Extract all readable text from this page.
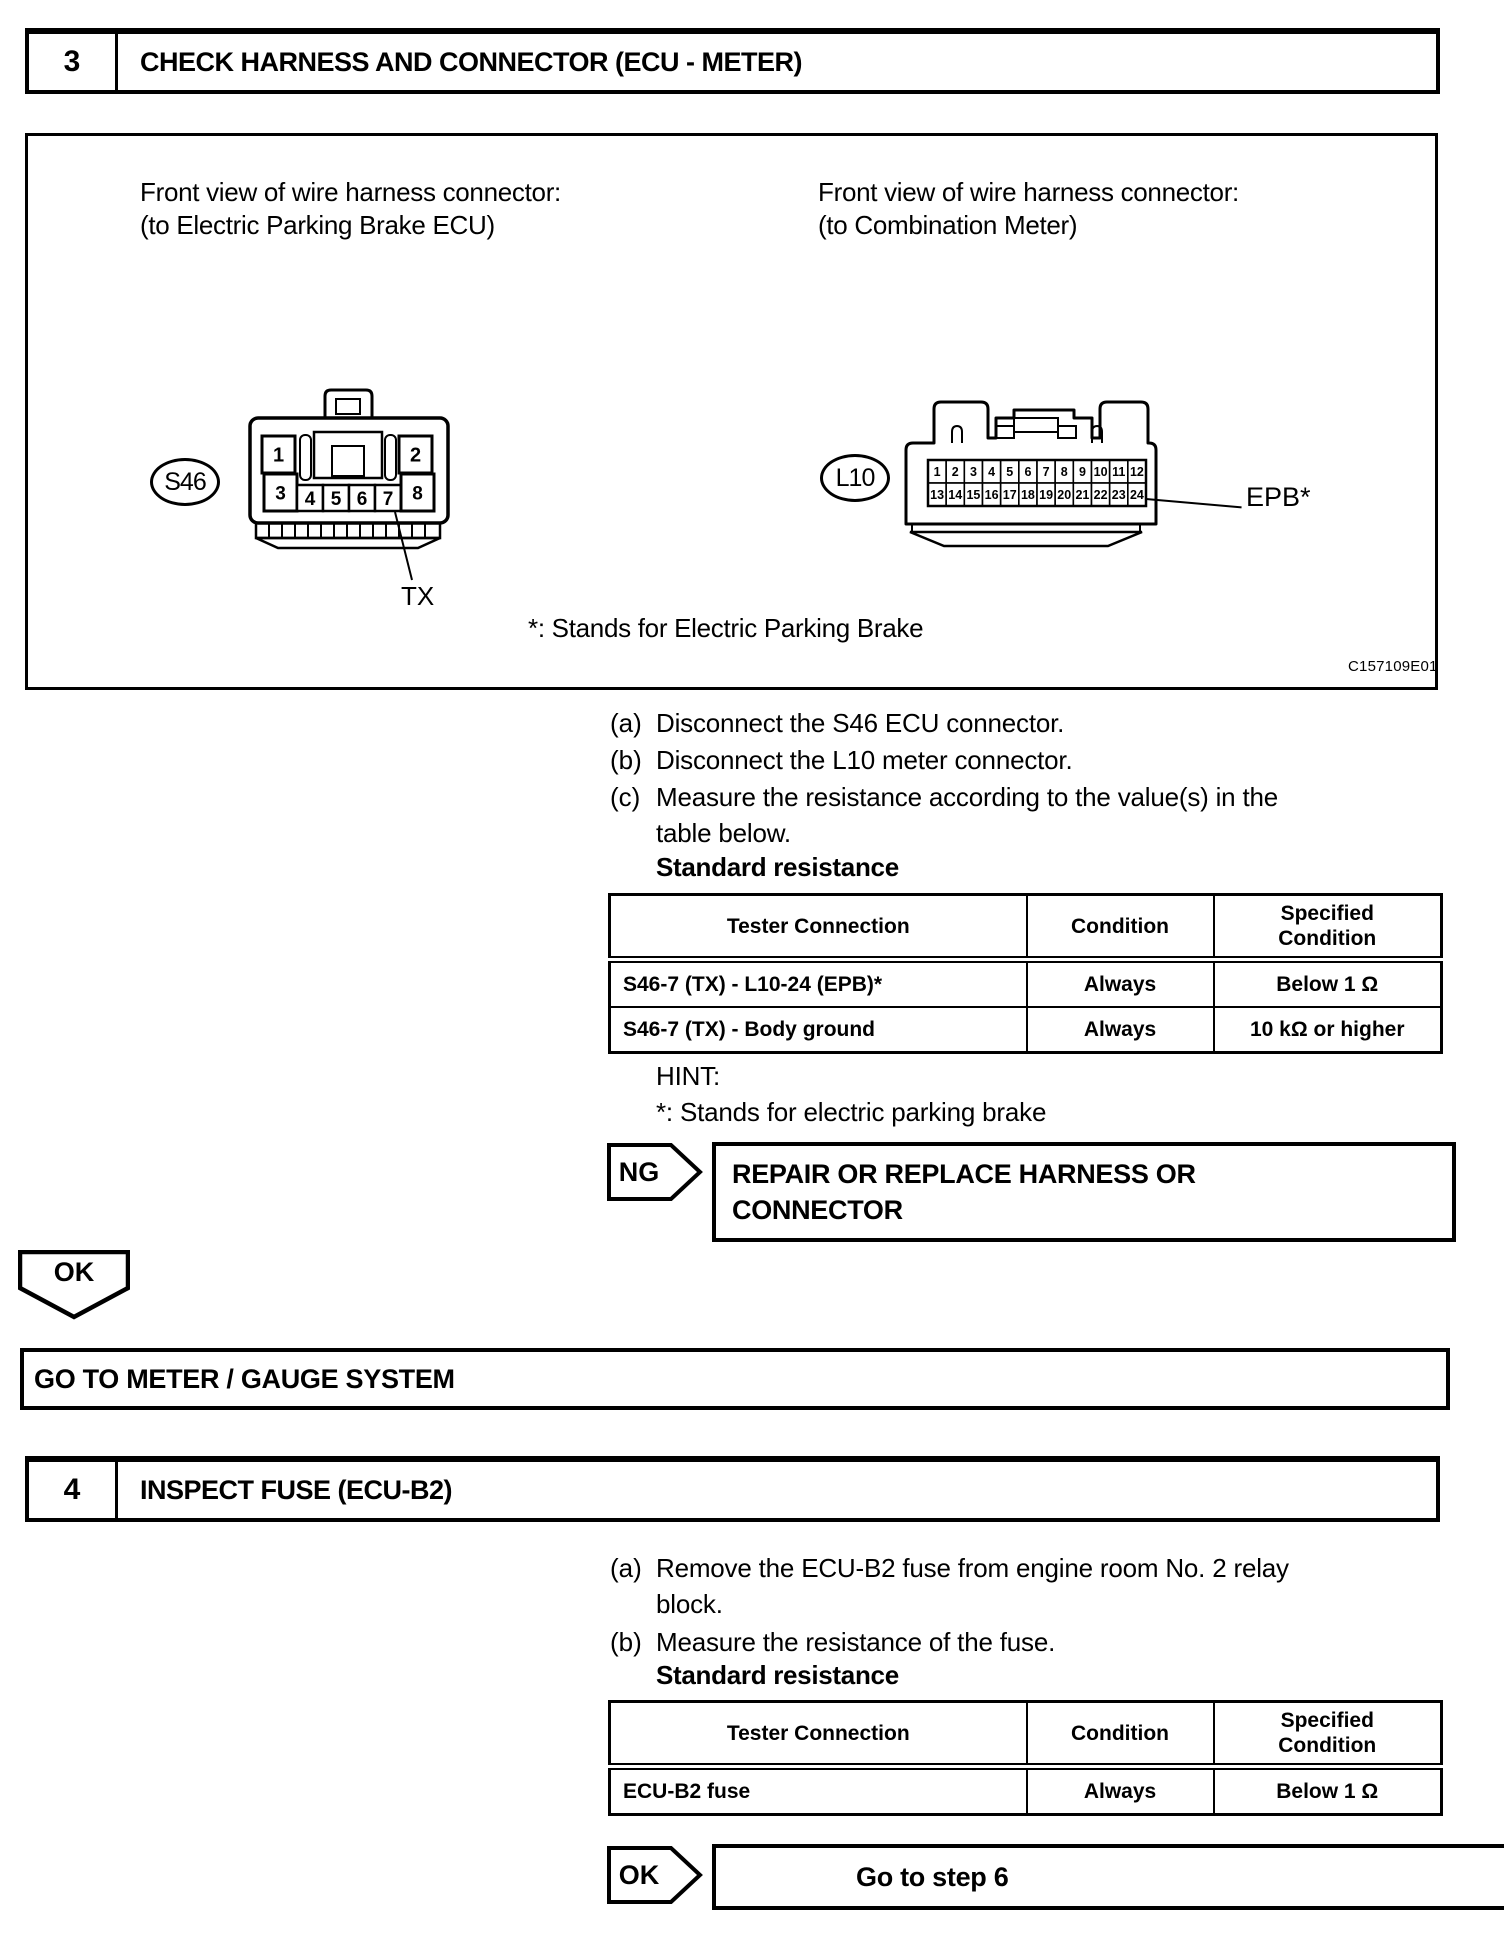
3	CHECK HARNESS AND CONNECTOR (ECU - METER)
Front view of wire harness connector:
(to Electric Parking Brake ECU)
Front view of wire harness connector:
(to Combination Meter)
S46
1	2
3 4 5 6 7 8
TX
L10	1 2 3 4 5 6 7 8 9 10 11 12
13 14 15 16 17 18 19 20 21 22 23 24	EPB*
*: Stands for Electric Parking Brake
C157109E01
(a) Disconnect the S46 ECU connector.
(b) Disconnect the L10 meter connector.
(c) Measure the resistance according to the value(s) in the table below.
Standard resistance
Tester Connection	Condition	Specified Condition
S46-7 (TX) - L10-24 (EPB)*	Always	Below 1 Ω
S46-7 (TX) - Body ground	Always	10 kΩ or higher
HINT:
*: Stands for electric parking brake
NG	REPAIR OR REPLACE HARNESS OR CONNECTOR
OK
GO TO METER / GAUGE SYSTEM
4	INSPECT FUSE (ECU-B2)
(a) Remove the ECU-B2 fuse from engine room No. 2 relay block.
(b) Measure the resistance of the fuse.
Standard resistance
Tester Connection	Condition	Specified Condition
ECU-B2 fuse	Always	Below 1 Ω
OK	Go to step 6
